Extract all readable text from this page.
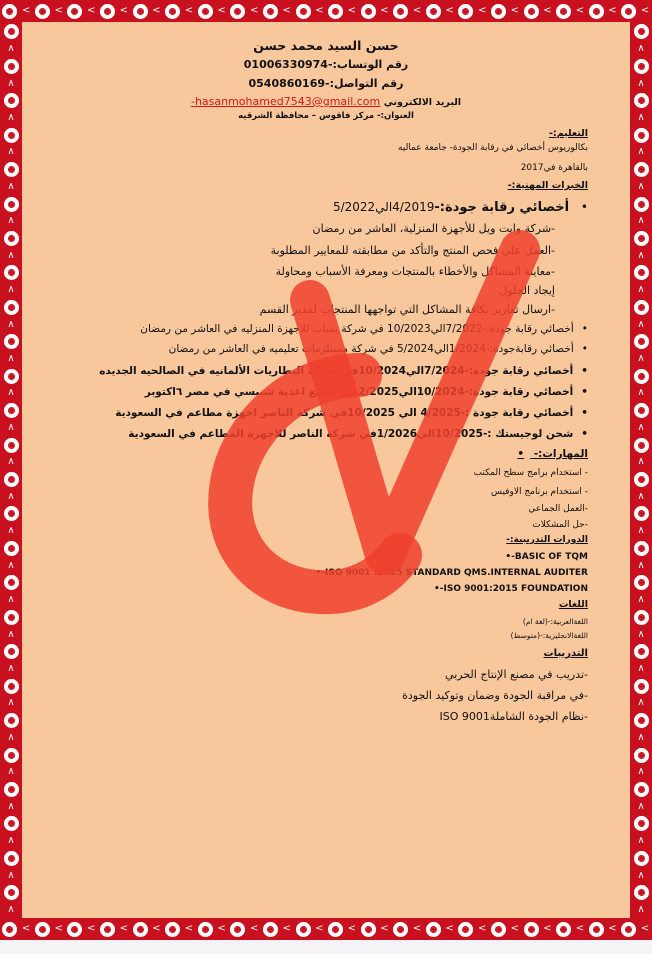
< < < < < < < < < < < < < < < < < < < <
< < < < < < < < < < < < < < < < < < < <
∧
∧
∧
∧
∧
∧
∧
∧
∧
∧
∧
∧
∧
∧
∧
∧
∧
∧
∧
∧
∧
∧
∧
∧
∧
∧
∧
∧
∧
∧
∧
∧
∧
∧
∧
∧
∧
∧
∧
∧
∧
∧
∧
∧
∧
∧
∧
∧
∧
∧
∧
∧
حسن السيد محمد حسن
رقم الوتساب:-01006330974
رقم التواصل:-0540860169
البريد الالكتروني hasanmohamed7543@gmail.com-
العنوان:- مركز فاقوس – محافظة الشرقيه
التعليم:-
بكالوريوس أخصائي في رقابة الجودة- جامعة عماليه
بالقاهرة في2017
الخبرات المهنية:-
• أخصائي رقابة جودة:-4/2019الي5/2022
-شركة وايت ويل للأجهزة المنزلية، العاشر من رمضان
-العمل على فحص المنتج والتأكد من مطابقته للمعايير المطلوبة
-معاينة المشاكل والأخطاء بالمنتجات ومعرفة الأسباب ومحاولة
إيجاد الحلول
-ارسال تقارير بكافة المشاكل التي تواجهها المنتجات لمدير القسم
• أخصائي رقابة جودة:-7/2022الي10/2023 في شركة بساب للاجهزة المنزليه في العاشر من رمضان
• أخصائي رقابةجودة:-1/2024الي5/2024 في شركة مستلزمات تعليميه في العاشر من رمضان
• أخصائي رقابة جودة:-7/2024الي10/2024في شركة البطاريات الألمانيه في الصالحيه الجديده
• أخصائي رقابة جودة:-10/2024الي2/2025في مصنع اغذية شيبسي في مصر ٦اكتوبر
• أخصائي رقابة جودة :-4/2025 الي 10/2025في شركة الناصر اجهزة مطاعم في السعودية
• شحن لوجيستك :-10/2025الي1/2026في شركة الناصر للاجهزة المطاعم في السعودية
المهارات:- •
- استخدام برامج سطح المكتب
- استخدام برنامج الاوفيس
-العمل الجماعي
-حل المشكلات
الدورات التدريبية:-
BASIC OF TQM-•
ISO 9001 :2015 STANDARD QMS.INTERNAL AUDITER-•
ISO 9001:2015 FOUNDATION-•
اللغات
اللغةالعربية:-(لغة ام)
اللغةالانجليزية:-(متوسط)
التدريبات
-تدريب في مصنع الإنتاج الحربي
-في مراقبة الجودة وضمان وتوكيد الجودة
-نظام الجودة الشاملة9001 ISO
